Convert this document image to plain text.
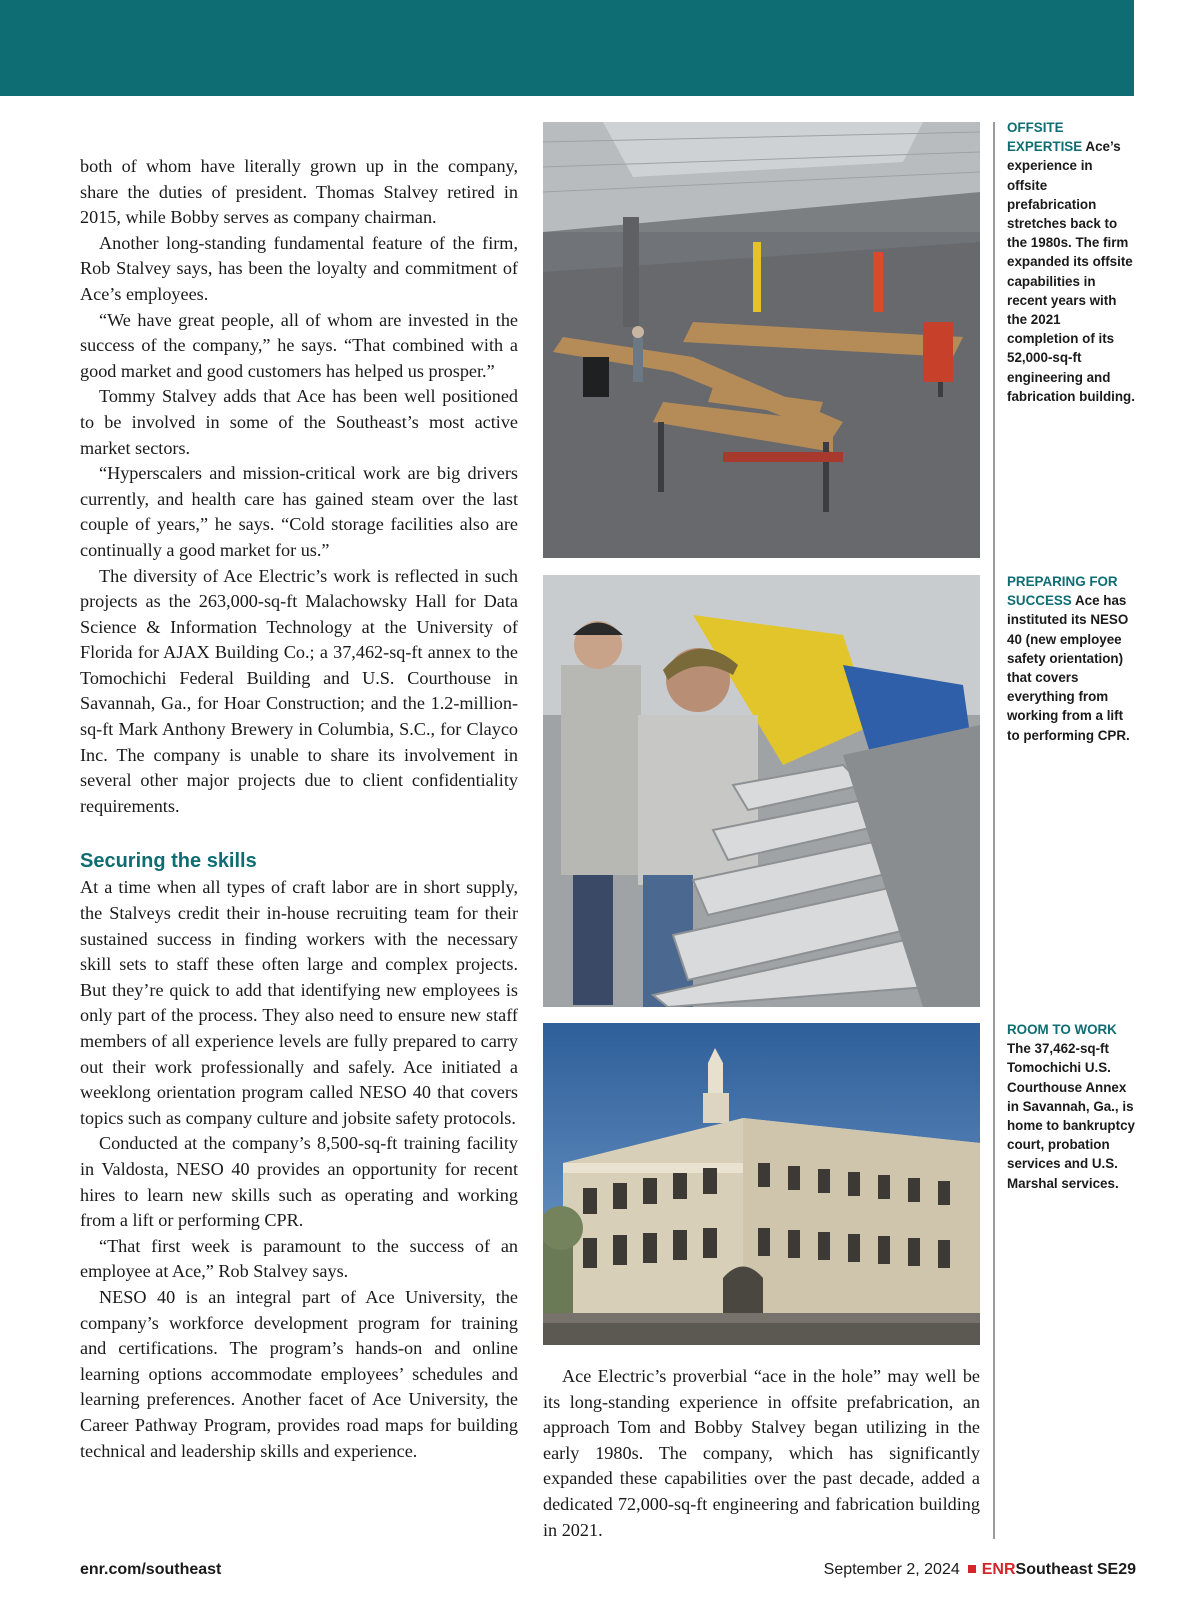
both of whom have literally grown up in the company, share the duties of president. Thomas Stalvey retired in 2015, while Bobby serves as company chairman.

Another long-standing fundamental feature of the firm, Rob Stalvey says, has been the loyalty and commitment of Ace’s employees.

“We have great people, all of whom are invested in the success of the company,” he says. “That combined with a good market and good customers has helped us prosper.”

Tommy Stalvey adds that Ace has been well positioned to be involved in some of the Southeast’s most active market sectors.

“Hyperscalers and mission-critical work are big drivers currently, and health care has gained steam over the last couple of years,” he says. “Cold storage facilities also are continually a good market for us.”

The diversity of Ace Electric’s work is reflected in such projects as the 263,000-sq-ft Malachowsky Hall for Data Science & Information Technology at the University of Florida for AJAX Building Co.; a 37,462-sq-ft annex to the Tomochichi Federal Building and U.S. Courthouse in Savannah, Ga., for Hoar Construction; and the 1.2-million-sq-ft Mark Anthony Brewery in Columbia, S.C., for Clayco Inc. The company is unable to share its involvement in several other major projects due to client confidentiality requirements.

Securing the skills

At a time when all types of craft labor are in short supply, the Stalveys credit their in-house recruiting team for their sustained success in finding workers with the necessary skill sets to staff these often large and complex projects. But they’re quick to add that identifying new employees is only part of the process. They also need to ensure new staff members of all experience levels are fully prepared to carry out their work professionally and safely. Ace initiated a weeklong orientation program called NESO 40 that covers topics such as company culture and jobsite safety protocols.

Conducted at the company’s 8,500-sq-ft training facility in Valdosta, NESO 40 provides an opportunity for recent hires to learn new skills such as operating and working from a lift or performing CPR.

“That first week is paramount to the success of an employee at Ace,” Rob Stalvey says.

NESO 40 is an integral part of Ace University, the company’s workforce development program for training and certifications. The program’s hands-on and online learning options accommodate employees’ schedules and learning preferences. Another facet of Ace University, the Career Pathway Program, provides road maps for building technical and leadership skills and experience.

OFFSITE EXPERTISE Ace’s experience in offsite prefabrication stretches back to the 1980s. The firm expanded its offsite capabilities in recent years with the 2021 completion of its 52,000-sq-ft engineering and fabrication building.
PREPARING FOR SUCCESS Ace has instituted its NESO 40 (new employee safety orientation) that covers everything from working from a lift to performing CPR.
ROOM TO WORK The 37,462-sq-ft Tomochichi U.S. Courthouse Annex in Savannah, Ga., is home to bankruptcy court, probation services and U.S. Marshal services.

Ace Electric’s proverbial “ace in the hole” may well be its long-standing experience in offsite prefabrication, an approach Tom and Bobby Stalvey began utilizing in the early 1980s. The company, which has significantly expanded these capabilities over the past decade, added a dedicated 72,000-sq-ft engineering and fabrication building in 2021.

enr.com/southeast	September 2, 2024 ENRSoutheast SE29
